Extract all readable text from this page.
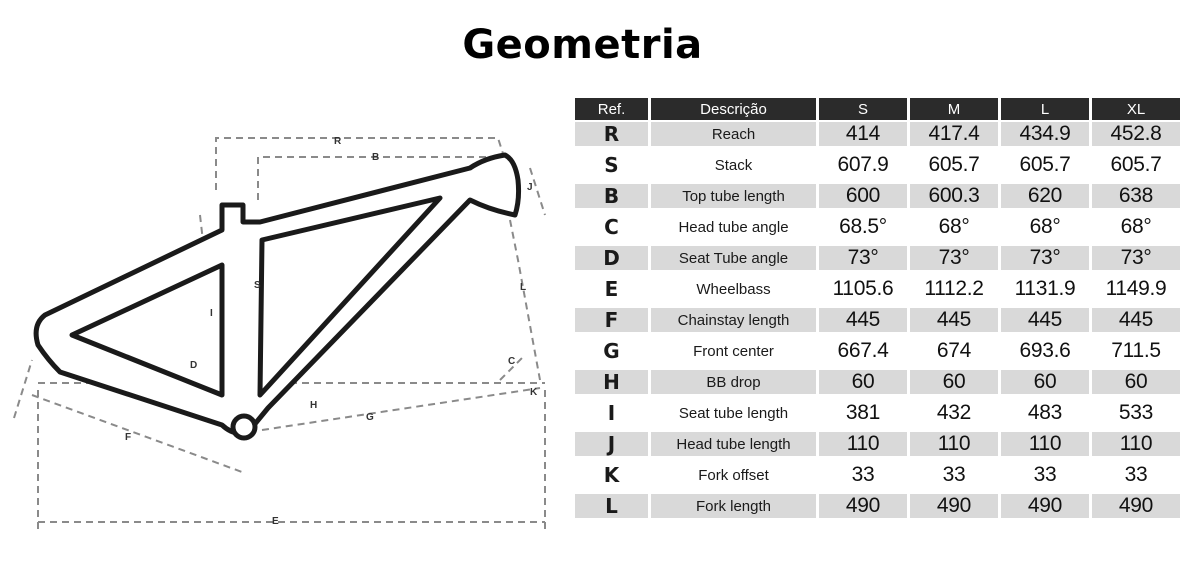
Geometria
R
B
J
S
I
L
D	C
K
H
G
F
E
Ref.	Descrição	S	M	L	XL
R	Reach	414	417.4	434.9	452.8
S	Stack	607.9	605.7	605.7	605.7
B	Top tube length	600	600.3	620	638
C	Head tube angle	68.5°	68°	68°	68°
D	Seat Tube angle	73°	73°	73°	73°
E	Wheelbass	1105.6	1112.2	1131.9	1149.9
F	Chainstay length	445	445	445	445
G	Front center	667.4	674	693.6	711.5
H	BB drop	60	60	60	60
I	Seat tube length	381	432	483	533
J	Head tube length	110	110	110	110
K	Fork offset	33	33	33	33
L	Fork length	490	490	490	490
